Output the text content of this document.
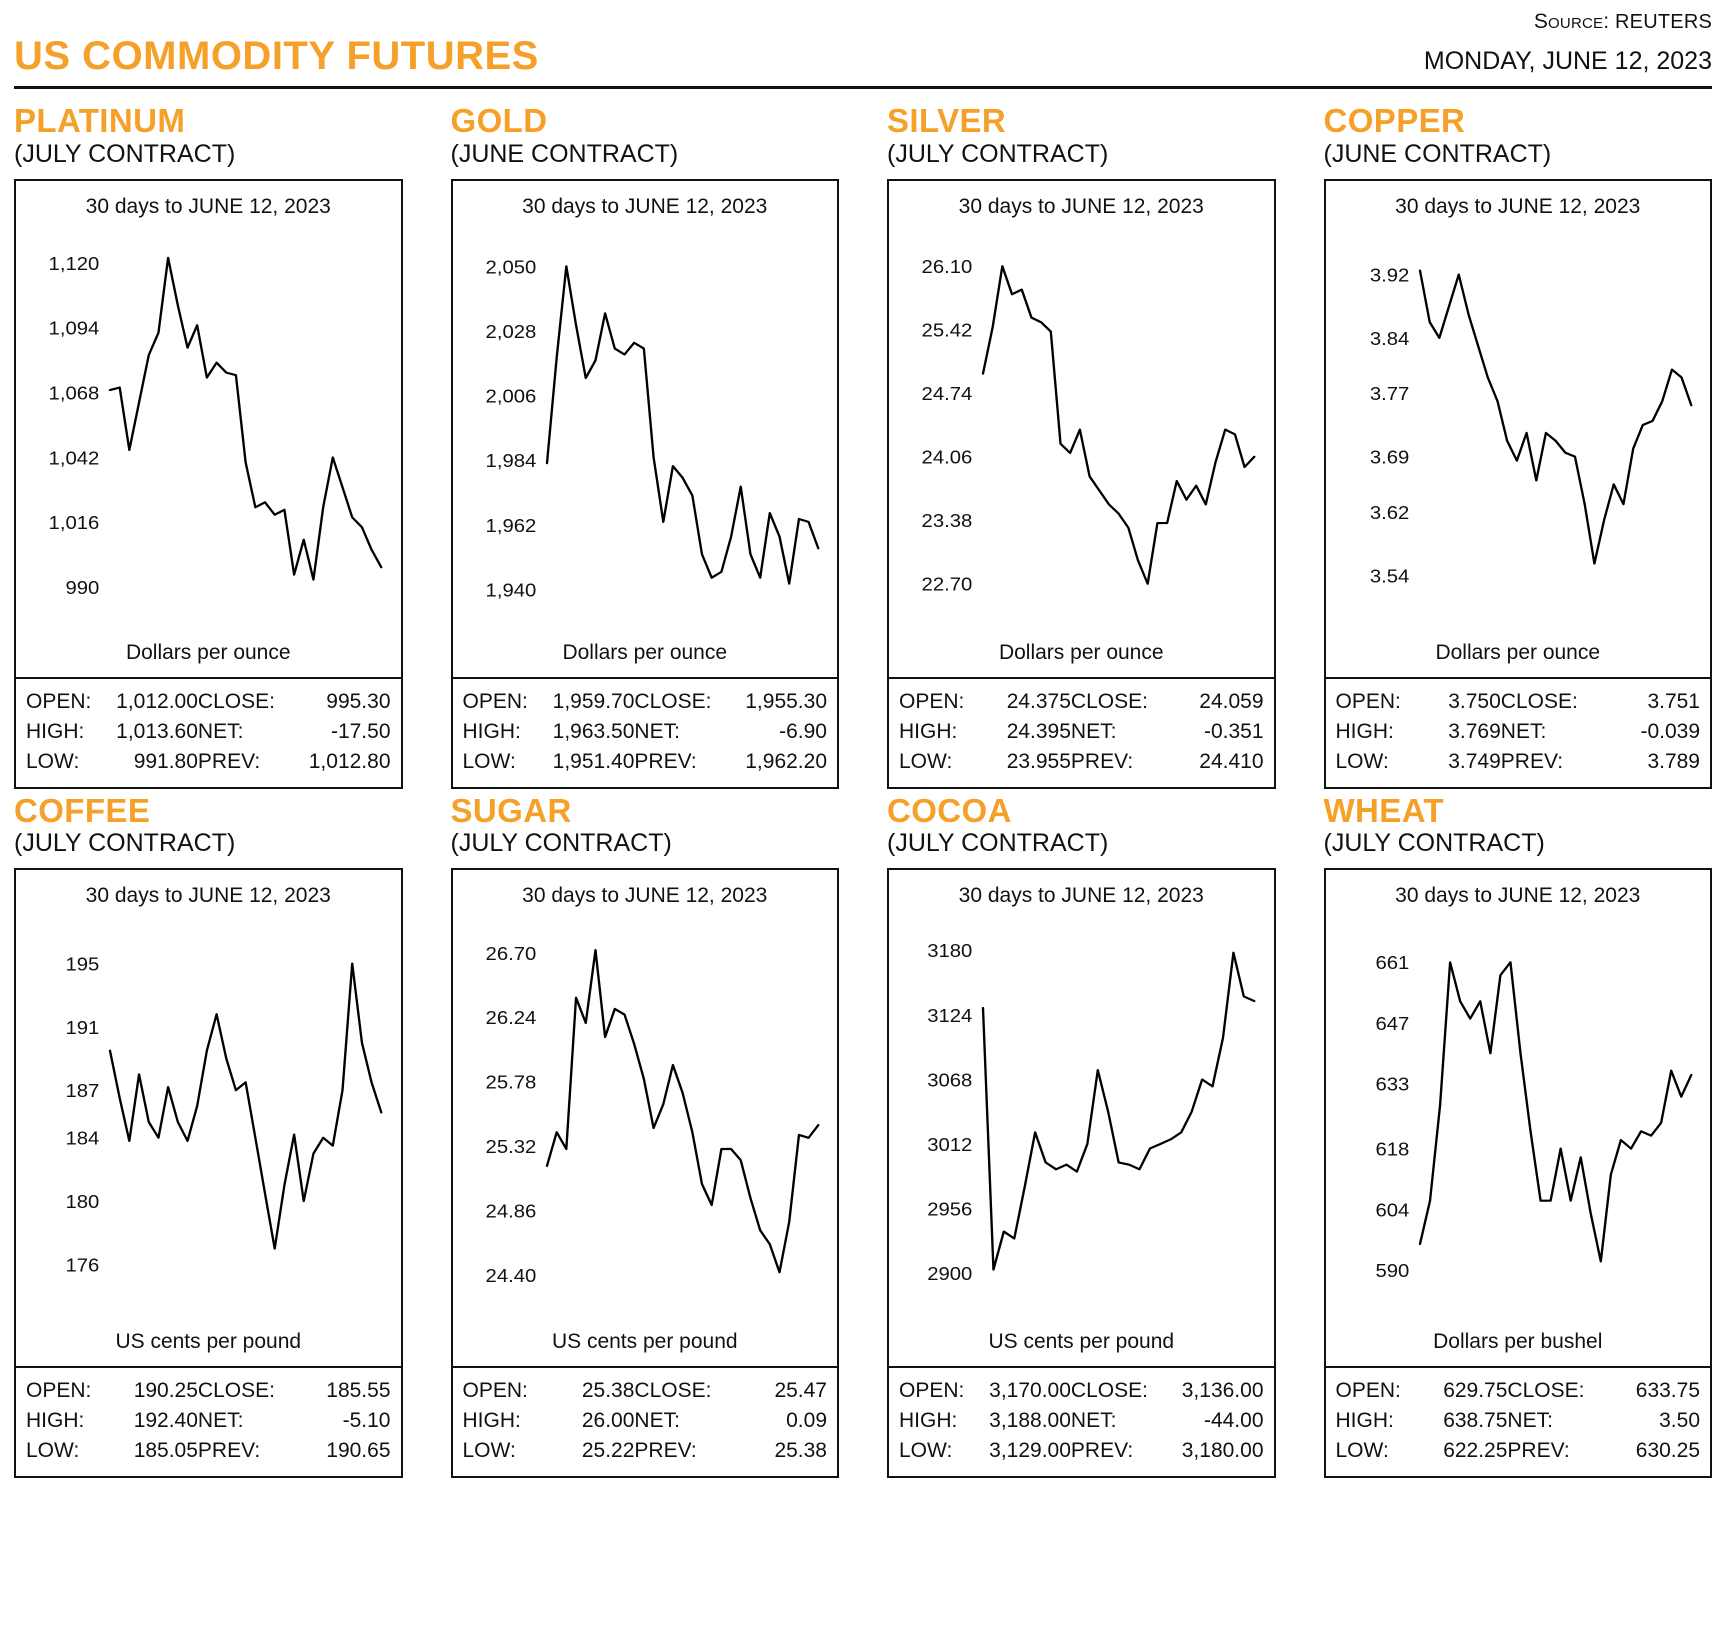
Source: REUTERS
US COMMODITY FUTURES	MONDAY, JUNE 12, 2023
PLATINUM
(JULY CONTRACT)
30 days to JUNE 12, 2023
990
1,016
1,042
1,068
1,094
1,120
Dollars per ounce
OPEN:	1,012.00	CLOSE:	995.30
HIGH:	1,013.60	NET:	-17.50
LOW:	991.80	PREV:	1,012.80
GOLD
(JUNE CONTRACT)
30 days to JUNE 12, 2023
1,940
1,962
1,984
2,006
2,028
2,050
Dollars per ounce
OPEN:	1,959.70	CLOSE:	1,955.30
HIGH:	1,963.50	NET:	-6.90
LOW:	1,951.40	PREV:	1,962.20
SILVER
(JULY CONTRACT)
30 days to JUNE 12, 2023
22.70
23.38
24.06
24.74
25.42
26.10
Dollars per ounce
OPEN:	24.375	CLOSE:	24.059
HIGH:	24.395	NET:	-0.351
LOW:	23.955	PREV:	24.410
COPPER
(JUNE CONTRACT)
30 days to JUNE 12, 2023
3.54
3.62
3.69
3.77
3.84
3.92
Dollars per ounce
OPEN:	3.750	CLOSE:	3.751
HIGH:	3.769	NET:	-0.039
LOW:	3.749	PREV:	3.789
COFFEE
(JULY CONTRACT)
30 days to JUNE 12, 2023
176
180
184
187
191
195
US cents per pound
OPEN:	190.25	CLOSE:	185.55
HIGH:	192.40	NET:	-5.10
LOW:	185.05	PREV:	190.65
SUGAR
(JULY CONTRACT)
30 days to JUNE 12, 2023
24.40
24.86
25.32
25.78
26.24
26.70
US cents per pound
OPEN:	25.38	CLOSE:	25.47
HIGH:	26.00	NET:	0.09
LOW:	25.22	PREV:	25.38
COCOA
(JULY CONTRACT)
30 days to JUNE 12, 2023
2900
2956
3012
3068
3124
3180
US cents per pound
OPEN:	3,170.00	CLOSE:	3,136.00
HIGH:	3,188.00	NET:	-44.00
LOW:	3,129.00	PREV:	3,180.00
WHEAT
(JULY CONTRACT)
30 days to JUNE 12, 2023
590
604
618
633
647
661
Dollars per bushel
OPEN:	629.75	CLOSE:	633.75
HIGH:	638.75	NET:	3.50
LOW:	622.25	PREV:	630.25
